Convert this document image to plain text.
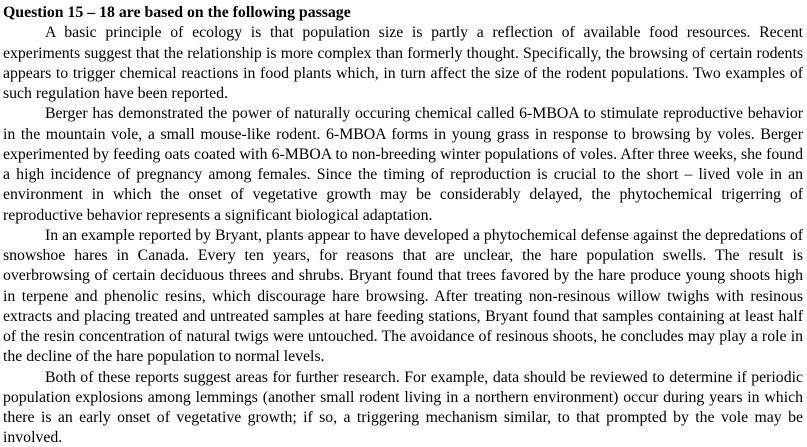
Question 15 – 18 are based on the following passage

A basic principle of ecology is that population size is partly a reflection of available food resources. Recent experiments suggest that the relationship is more complex than formerly thought. Specifically, the browsing of certain rodents appears to trigger chemical reactions in food plants which, in turn affect the size of the rodent populations. Two examples of such regulation have been reported.

Berger has demonstrated the power of naturally occuring chemical called 6-MBOA to stimulate reproductive behavior in the mountain vole, a small mouse-like rodent. 6-MBOA forms in young grass in response to browsing by voles. Berger experimented by feeding oats coated with 6-MBOA to non-breeding winter populations of voles. After three weeks, she found a high incidence of pregnancy among females. Since the timing of reproduction is crucial to the short – lived vole in an environment in which the onset of vegetative growth may be considerably delayed, the phytochemical trigerring of reproductive behavior represents a significant biological adaptation.

In an example reported by Bryant, plants appear to have developed a phytochemical defense against the depredations of snowshoe hares in Canada. Every ten years, for reasons that are unclear, the hare population swells. The result is overbrowsing of certain deciduous threes and shrubs. Bryant found that trees favored by the hare produce young shoots high in terpene and phenolic resins, which discourage hare browsing. After treating non-resinous willow twighs with resinous extracts and placing treated and untreated samples at hare feeding stations, Bryant found that samples containing at least half of the resin concentration of natural twigs were untouched. The avoidance of resinous shoots, he concludes may play a role in the decline of the hare population to normal levels.

Both of these reports suggest areas for further research. For example, data should be reviewed to determine if periodic population explosions among lemmings (another small rodent living in a northern environment) occur during years in which there is an early onset of vegetative growth; if so, a triggering mechanism similar, to that prompted by the vole may be involved.
